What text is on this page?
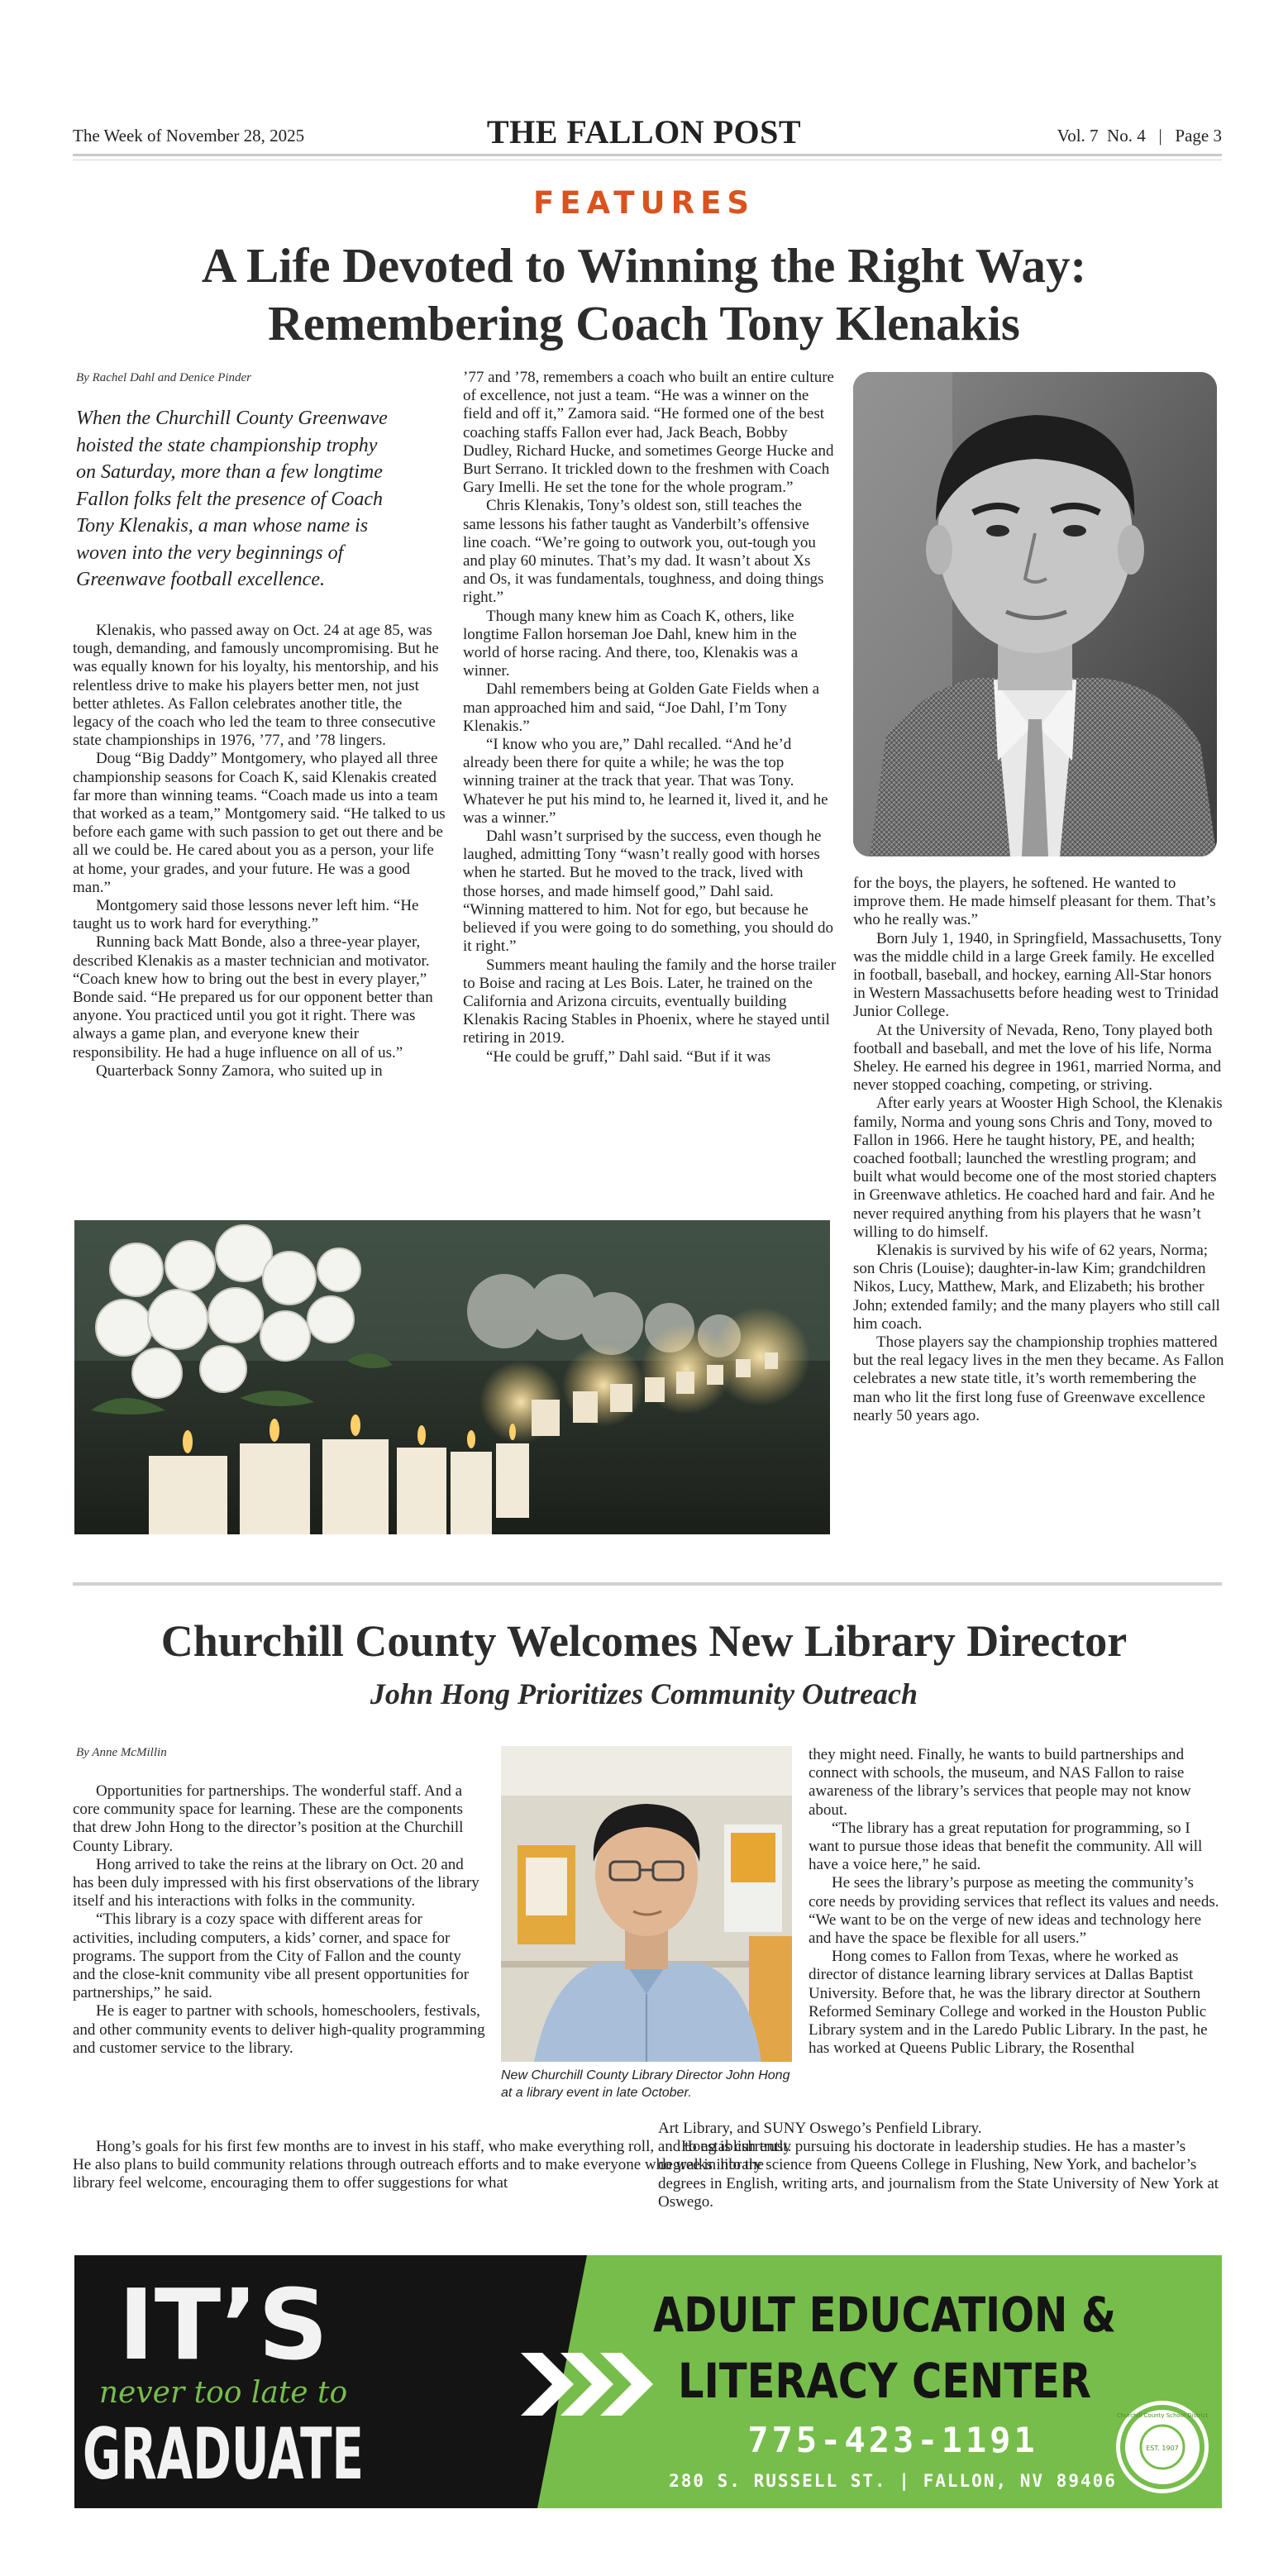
The Week of November 28, 2025	THE FALLON POST	Vol. 7  No. 4   |   Page 3
FEATURES
A Life Devoted to Winning the Right Way:
Remembering Coach Tony Klenakis
By Rachel Dahl and Denice Pinder
When the Churchill County Greenwave
hoisted the state championship trophy
on Saturday, more than a few longtime
Fallon folks felt the presence of Coach
Tony Klenakis, a man whose name is
woven into the very beginnings of
Greenwave football excellence.

Klenakis, who passed away on Oct. 24 at age 85, was tough, demanding, and famously uncompromising. But he was equally known for his loyalty, his mentorship, and his relentless drive to make his players better men, not just better athletes. As Fallon celebrates another title, the legacy of the coach who led the team to three consecutive state championships in 1976, ’77, and ’78 lingers.

Doug “Big Daddy” Montgomery, who played all three championship seasons for Coach K, said Klenakis created far more than winning teams. “Coach made us into a team that worked as a team,” Montgomery said. “He talked to us before each game with such passion to get out there and be all we could be. He cared about you as a person, your life at home, your grades, and your future. He was a good man.”

Montgomery said those lessons never left him. “He taught us to work hard for everything.”

Running back Matt Bonde, also a three-year player, described Klenakis as a master technician and motivator. “Coach knew how to bring out the best in every player,” Bonde said. “He prepared us for our opponent better than anyone. You practiced until you got it right. There was always a game plan, and everyone knew their responsibility. He had a huge influence on all of us.”

Quarterback Sonny Zamora, who suited up in

’77 and ’78, remembers a coach who built an entire culture of excellence, not just a team. “He was a winner on the field and off it,” Zamora said. “He formed one of the best coaching staffs Fallon ever had, Jack Beach, Bobby Dudley, Richard Hucke, and sometimes George Hucke and Burt Serrano. It trickled down to the freshmen with Coach Gary Imelli. He set the tone for the whole program.”

Chris Klenakis, Tony’s oldest son, still teaches the same lessons his father taught as Vanderbilt’s offensive line coach. “We’re going to outwork you, out-tough you and play 60 minutes. That’s my dad. It wasn’t about Xs and Os, it was fundamentals, toughness, and doing things right.”

Though many knew him as Coach K, others, like longtime Fallon horseman Joe Dahl, knew him in the world of horse racing. And there, too, Klenakis was a winner.

Dahl remembers being at Golden Gate Fields when a man approached him and said, “Joe Dahl, I’m Tony Klenakis.”

“I know who you are,” Dahl recalled. “And he’d already been there for quite a while; he was the top winning trainer at the track that year. That was Tony. Whatever he put his mind to, he learned it, lived it, and he was a winner.”

Dahl wasn’t surprised by the success, even though he laughed, admitting Tony “wasn’t really good with horses when he started. But he moved to the track, lived with those horses, and made himself good,” Dahl said. “Winning mattered to him. Not for ego, but because he believed if you were going to do something, you should do it right.”

Summers meant hauling the family and the horse trailer to Boise and racing at Les Bois. Later, he trained on the California and Arizona circuits, eventually building Klenakis Racing Stables in Phoenix, where he stayed until retiring in 2019.

“He could be gruff,” Dahl said. “But if it was

for the boys, the players, he softened. He wanted to improve them. He made himself pleasant for them. That’s who he really was.”

Born July 1, 1940, in Springfield, Massachusetts, Tony was the middle child in a large Greek family. He excelled in football, baseball, and hockey, earning All-Star honors in Western Massachusetts before heading west to Trinidad Junior College.

At the University of Nevada, Reno, Tony played both football and baseball, and met the love of his life, Norma Sheley. He earned his degree in 1961, married Norma, and never stopped coaching, competing, or striving.

After early years at Wooster High School, the Klenakis family, Norma and young sons Chris and Tony, moved to Fallon in 1966. Here he taught history, PE, and health; coached football; launched the wrestling program; and built what would become one of the most storied chapters in Greenwave athletics. He coached hard and fair. And he never required anything from his players that he wasn’t willing to do himself.

Klenakis is survived by his wife of 62 years, Norma; son Chris (Louise); daughter-in-law Kim; grandchildren Nikos, Lucy, Matthew, Mark, and Elizabeth; his brother John; extended family; and the many players who still call him coach.

Those players say the championship trophies mattered but the real legacy lives in the men they became. As Fallon celebrates a new state title, it’s worth remembering the man who lit the first long fuse of Greenwave excellence nearly 50 years ago.

Churchill County Welcomes New Library Director
John Hong Prioritizes Community Outreach
By Anne McMillin

Opportunities for partnerships. The wonderful staff. And a core community space for learning. These are the components that drew John Hong to the director’s position at the Churchill County Library.

Hong arrived to take the reins at the library on Oct. 20 and has been duly impressed with his first observations of the library itself and his interactions with folks in the community.

“This library is a cozy space with different areas for activities, including computers, a kids’ corner, and space for programs. The support from the City of Fallon and the county and the close-knit community vibe all present opportunities for partnerships,” he said.

He is eager to partner with schools, homeschoolers, festivals, and other community events to deliver high-quality programming and customer service to the library.

Hong’s goals for his first few months are to invest in his staff, who make everything roll, and to establish trust. He also plans to build community relations through outreach efforts and to make everyone who walks into the library feel welcome, encouraging them to offer suggestions for what

New Churchill County Library Director John Hong at a library event in late October.

they might need. Finally, he wants to build partnerships and connect with schools, the museum, and NAS Fallon to raise awareness of the library’s services that people may not know about.

“The library has a great reputation for programming, so I want to pursue those ideas that benefit the community. All will have a voice here,” he said.

He sees the library’s purpose as meeting the community’s core needs by providing services that reflect its values and needs. “We want to be on the verge of new ideas and technology here and have the space be flexible for all users.”

Hong comes to Fallon from Texas, where he worked as director of distance learning library services at Dallas Baptist University. Before that, he was the library director at Southern Reformed Seminary College and worked in the Houston Public Library system and in the Laredo Public Library. In the past, he has worked at Queens Public Library, the Rosenthal

Art Library, and SUNY Oswego’s Penfield Library.

Hong is currently pursuing his doctorate in leadership studies. He has a master’s degree in library science from Queens College in Flushing, New York, and bachelor’s degrees in English, writing arts, and journalism from the State University of New York at Oswego.

IT’S
never too late to
GRADUATE
ADULT EDUCATION &
LITERACY CENTER
775-423-1191
280 S. RUSSELL ST. | FALLON, NV 89406
Churchill County School District
EST. 1907
